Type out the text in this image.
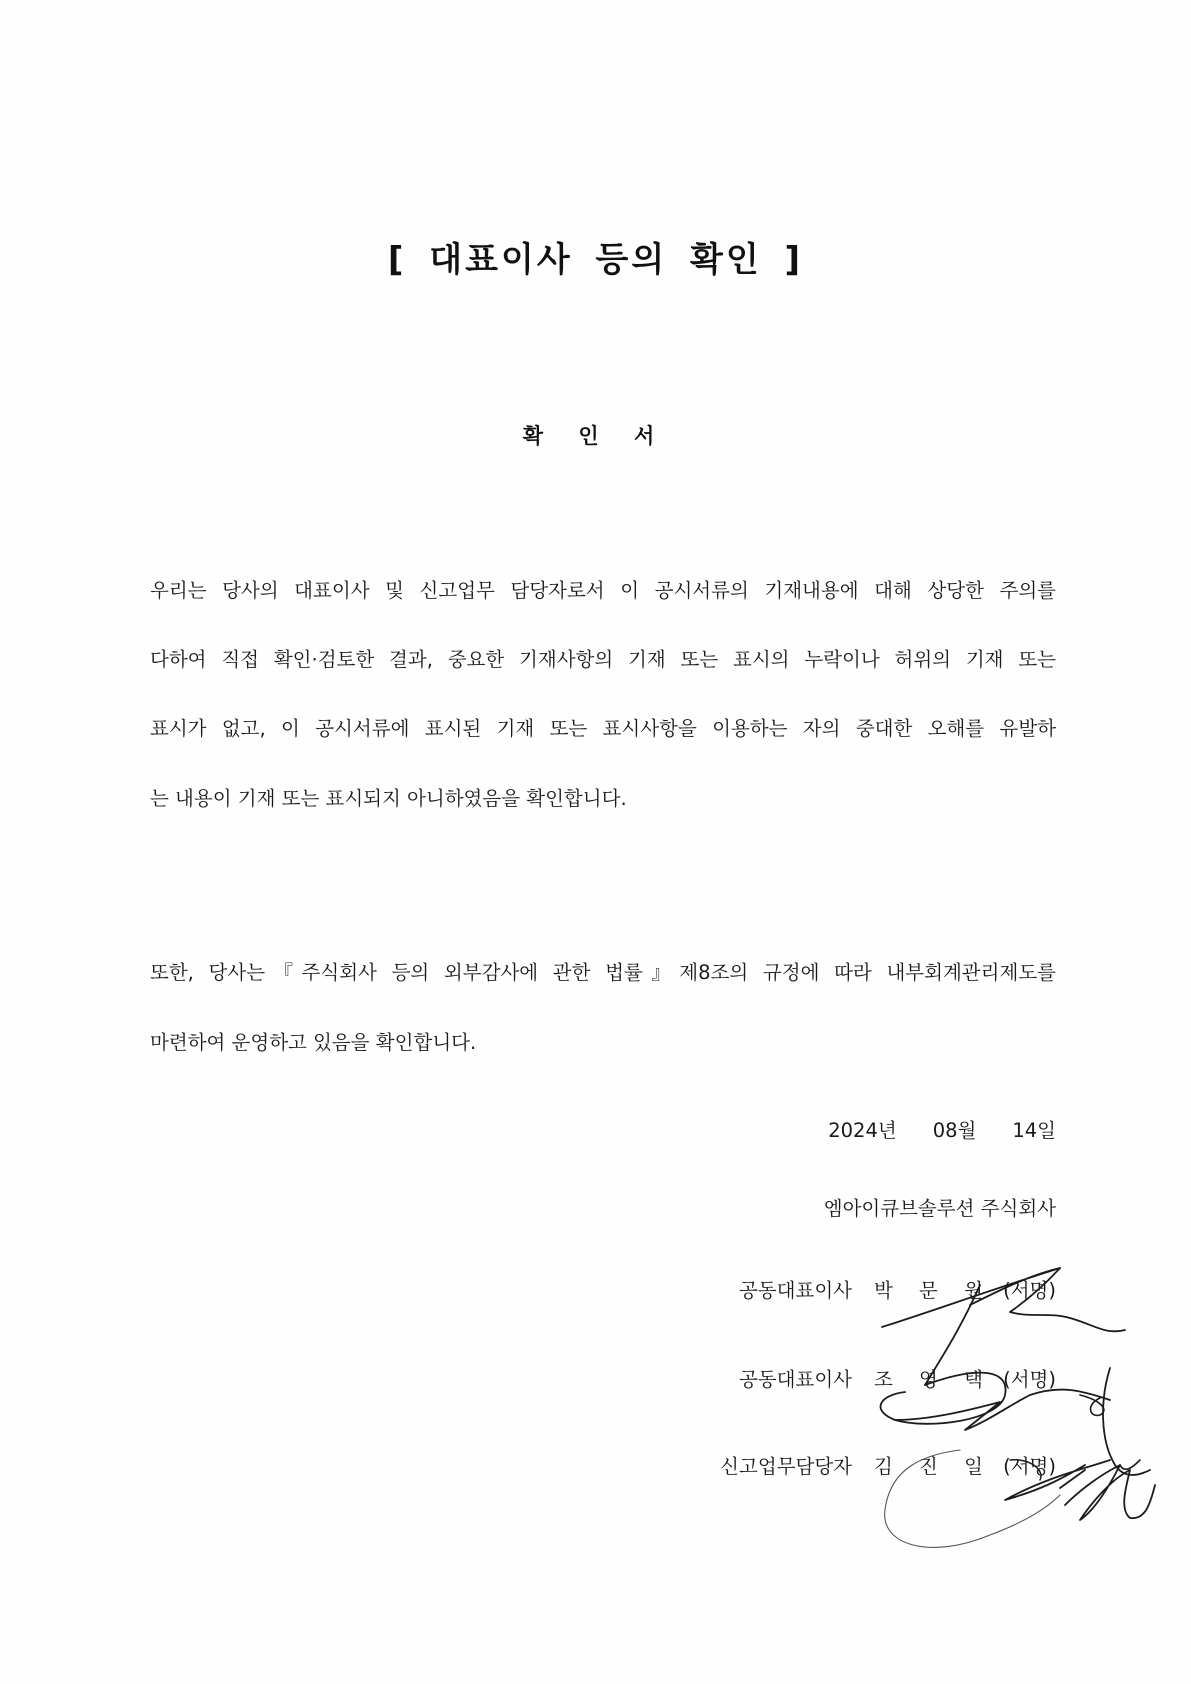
[ 대표이사 등의 확인 ]
확 인 서
우리는 당사의 대표이사 및 신고업무 담당자로서 이 공시서류의 기재내용에 대해 상당한 주의를
다하여 직접 확인·검토한 결과, 중요한 기재사항의 기재 또는 표시의 누락이나 허위의 기재 또는
표시가 없고, 이 공시서류에 표시된 기재 또는 표시사항을 이용하는 자의 중대한 오해를 유발하
는 내용이 기재 또는 표시되지 아니하였음을 확인합니다.
또한, 당사는『주식회사 등의 외부감사에 관한 법률』제8조의 규정에 따라 내부회계관리제도를
마련하여 운영하고 있음을 확인합니다.
2024년 08월 14일
엠아이큐브솔루션 주식회사
공동대표이사 박 문 원 (서명)
공동대표이사 조 영 택 (서명)
신고업무담당자 김 진 일 (서명)
